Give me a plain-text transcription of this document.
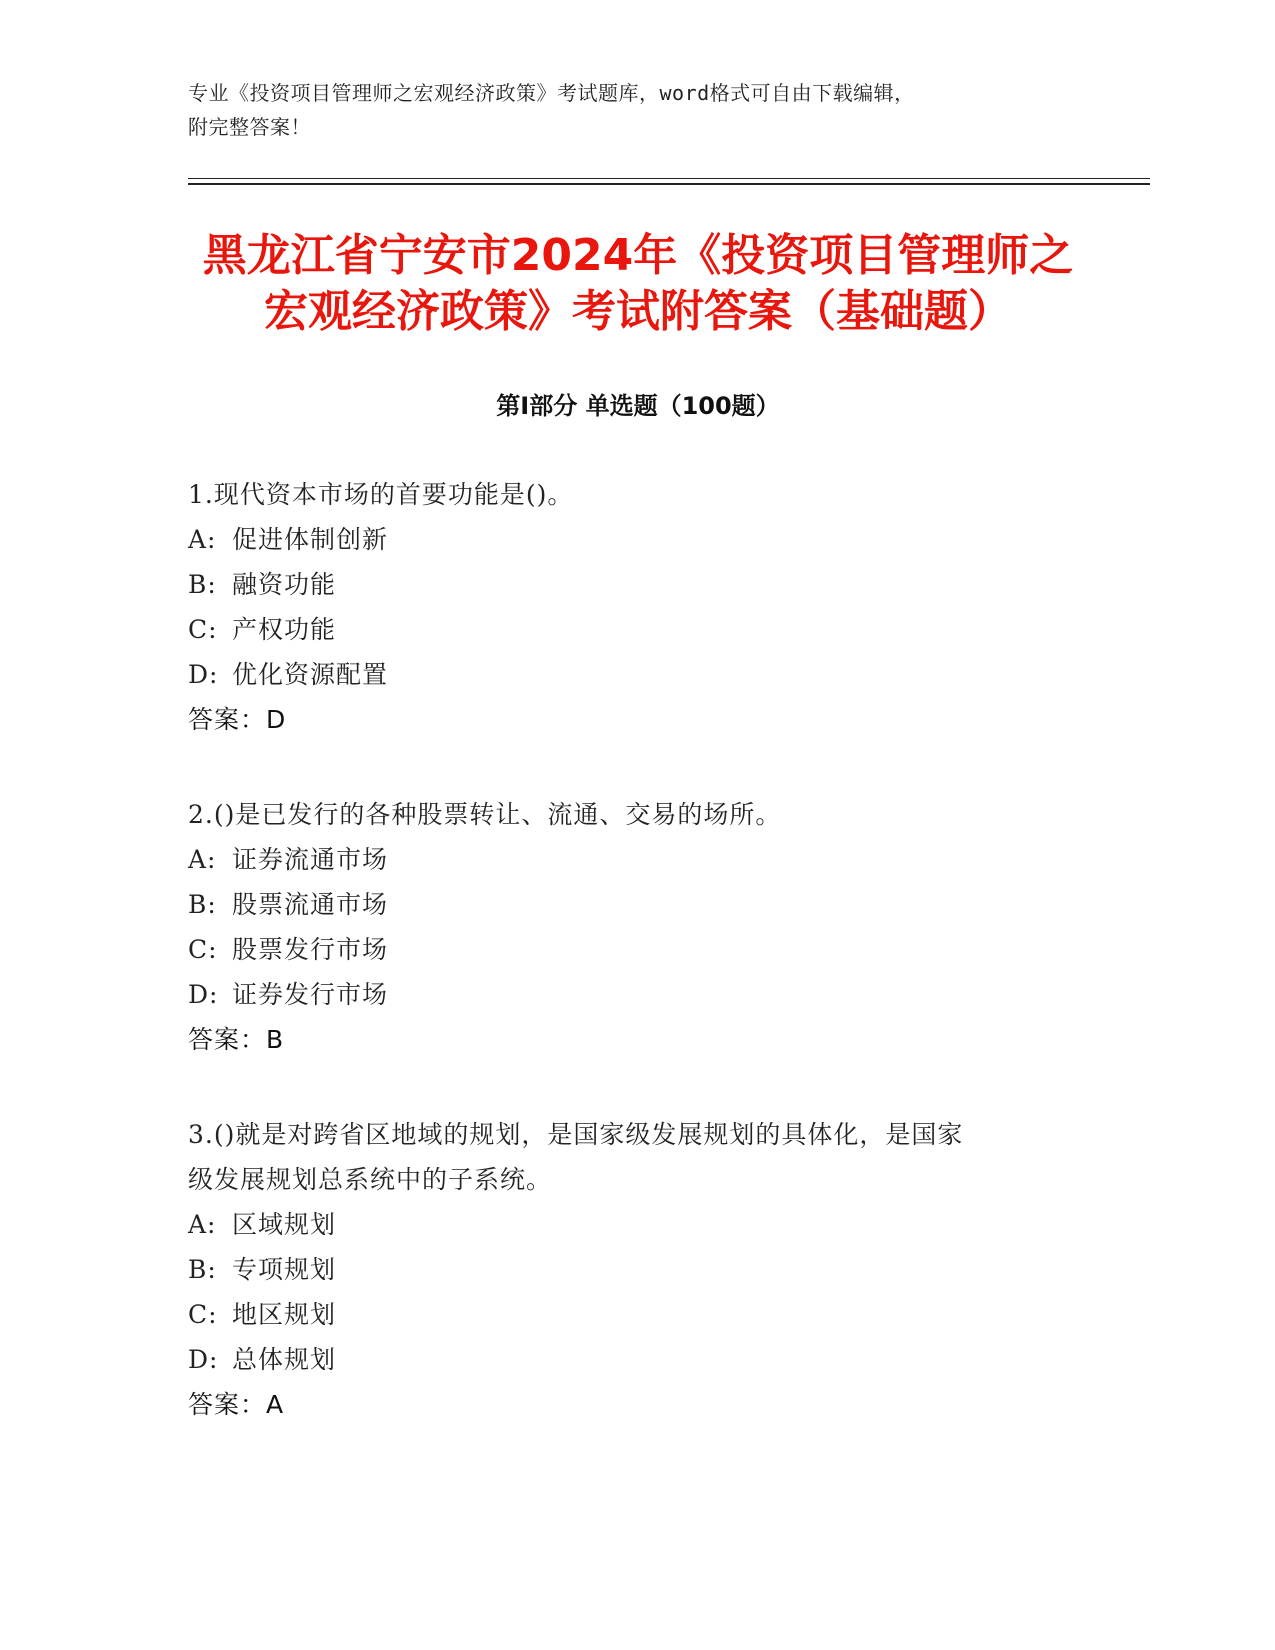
专业《投资项目管理师之宏观经济政策》考试题库，word格式可自由下载编辑，
附完整答案！
黑龙江省宁安市2024年《投资项目管理师之
宏观经济政策》考试附答案（基础题）
第Ⅰ部分 单选题（100题）
1.现代资本市场的首要功能是()。
A: 促进体制创新
B: 融资功能
C: 产权功能
D: 优化资源配置
答案：D
2.()是已发行的各种股票转让、流通、交易的场所。
A: 证券流通市场
B: 股票流通市场
C: 股票发行市场
D: 证券发行市场
答案：B
3.()就是对跨省区地域的规划，是国家级发展规划的具体化，是国家
级发展规划总系统中的子系统。
A: 区域规划
B: 专项规划
C: 地区规划
D: 总体规划
答案：A
